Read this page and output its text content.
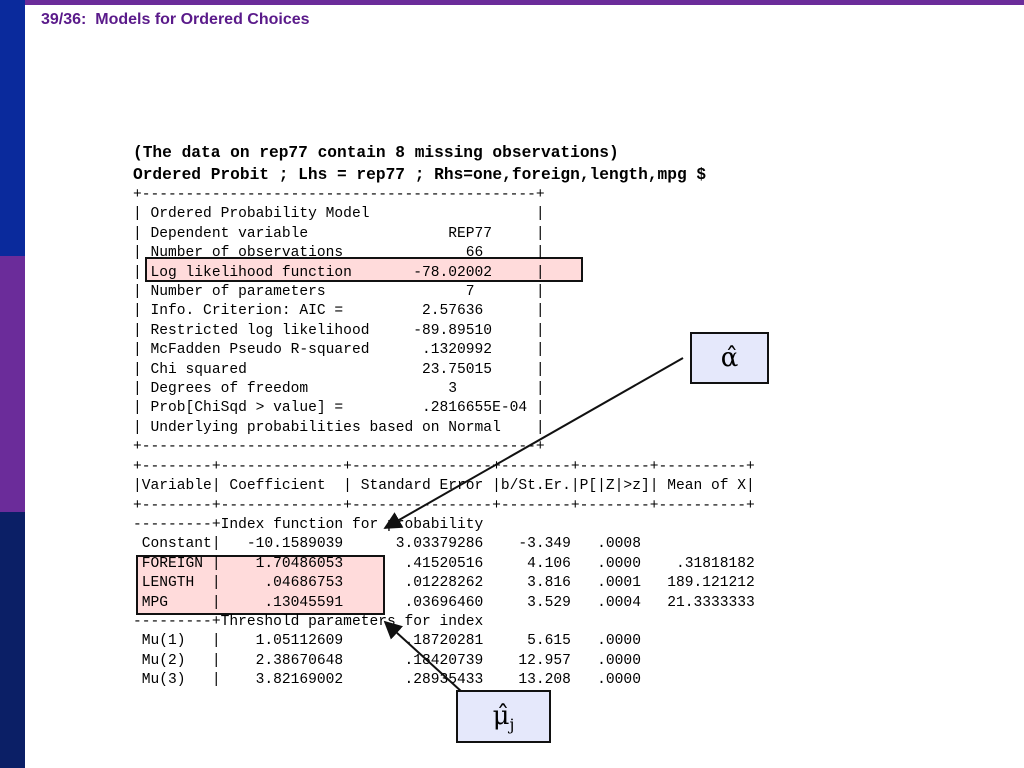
39/36:  Models for Ordered Choices
(The data on rep77 contain 8 missing observations)
Ordered Probit ; Lhs = rep77 ; Rhs=one,foreign,length,mpg $
+---------------------------------------------+
| Ordered Probability Model                   |
| Dependent variable                REP77     |
| Number of observations              66      |
| Log likelihood function       -78.02002     |
| Number of parameters                7       |
| Info. Criterion: AIC =         2.57636      |
| Restricted log likelihood     -89.89510     |
| McFadden Pseudo R-squared      .1320992     |
| Chi squared                    23.75015     |
| Degrees of freedom                3         |
| Prob[ChiSqd > value] =         .2816655E-04 |
| Underlying probabilities based on Normal    |
+---------------------------------------------+
+--------+--------------+----------------+--------+--------+----------+
|Variable| Coefficient  | Standard Error |b/St.Er.|P[|Z|>z]| Mean of X|
+--------+--------------+----------------+--------+--------+----------+
---------+Index function for probability
Constant|   -10.1589039      3.03379286    -3.349   .0008
FOREIGN |    1.70486053       .41520516     4.106   .0000    .31818182
LENGTH  |     .04686753       .01228262     3.816   .0001   189.121212
MPG     |     .13045591       .03696460     3.529   .0004   21.3333333
---------+Threshold parameters for index
Mu(1)   |    1.05112609       .18720281     5.615   .0000
Mu(2)   |    2.38670648       .18420739    12.957   .0000
Mu(3)   |    3.82169002       .28935433    13.208   .0000
α̂
$\mû_j$
